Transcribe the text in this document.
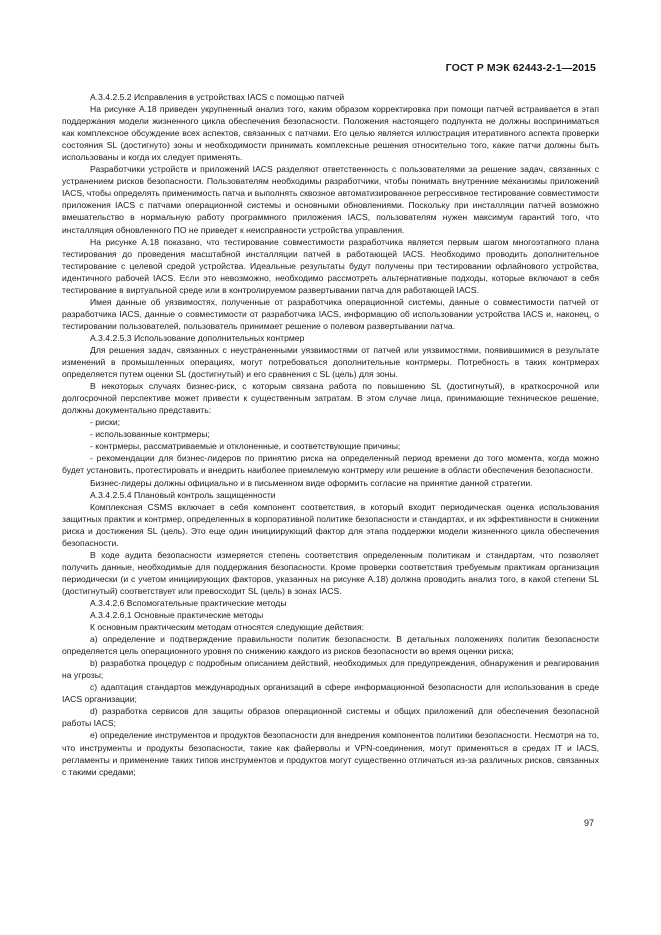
ГОСТ Р МЭК 62443-2-1—2015

А.3.4.2.5.2 Исправления в устройствах IACS с помощью патчей

На рисунке А.18 приведен укрупненный анализ того, каким образом корректировка при помощи патчей встраивается в этап поддержания модели жизненного цикла обеспечения безопасности. Положения настоящего подпункта не должны восприниматься как комплексное обсуждение всех аспектов, связанных с патчами. Его целью является иллюстрация итеративного аспекта проверки состояния SL (достигнуто) зоны и необходимости принимать комплексные решения относительно того, какие патчи должны быть использованы и когда их следует применять.

Разработчики устройств и приложений IACS разделяют ответственность с пользователями за решение задач, связанных с устранением рисков безопасности. Пользователям необходимы разработчики, чтобы понимать внутренние механизмы приложений IACS, чтобы определять применимость патча и выполнять сквозное автоматизированное регрессивное тестирование совместимости приложения IACS с патчами операционной системы и основными обновлениями. Поскольку при инсталляции патчей возможно вмешательство в нормальную работу программного приложения IACS, пользователям нужен максимум гарантий того, что инсталляция обновленного ПО не приведет к неисправности устройства управления.

На рисунке А.18 показано, что тестирование совместимости разработчика является первым шагом многоэтапного плана тестирования до проведения масштабной инсталляции патчей в работающей IACS. Необходимо проводить дополнительное тестирование с целевой средой устройства. Идеальные результаты будут получены при тестировании офлайнового устройства, идентичного рабочей IACS. Если это невозможно, необходимо рассмотреть альтернативные подходы, которые включают в себя тестирование в виртуальной среде или в контролируемом развертывании патча для работающей IACS.

Имея данные об уязвимостях, полученные от разработчика операционной системы, данные о совместимости патчей от разработчика IACS, данные о совместимости от разработчика IACS, информацию об использовании устройства IACS и, наконец, о тестировании пользователей, пользователь принимает решение о полевом развертывании патча.

А.3.4.2.5.3 Использование дополнительных контрмер

Для решения задач, связанных с неустраненными уязвимостями от патчей или уязвимостями, появившимися в результате изменений в промышленных операциях, могут потребоваться дополнительные контрмеры. Потребность в таких контрмерах определяется путем оценки SL (достигнутый) и его сравнения с SL (цель) для зоны.

В некоторых случаях бизнес-риск, с которым связана работа по повышению SL (достигнутый), в краткосрочной или долгосрочной перспективе может привести к существенным затратам. В этом случае лица, принимающие техническое решение, должны документально представить:

- риски;

- использованные контрмеры;

- контрмеры, рассматриваемые и отклоненные, и соответствующие причины;

- рекомендации для бизнес-лидеров по принятию риска на определенный период времени до того момента, когда можно будет установить, протестировать и внедрить наиболее приемлемую контрмеру или решение в области обеспечения безопасности.

Бизнес-лидеры должны официально и в письменном виде оформить согласие на принятие данной стратегии.

А.3.4.2.5.4 Плановый контроль защищенности

Комплексная CSMS включает в себя компонент соответствия, в который входит периодическая оценка использования защитных практик и контрмер, определенных в корпоративной политике безопасности и стандартах, и их эффективности в снижении риска и достижения SL (цель). Это еще один инициирующий фактор для этапа поддержки модели жизненного цикла обеспечения безопасности.

В ходе аудита безопасности измеряется степень соответствия определенным политикам и стандартам, что позволяет получить данные, необходимые для поддержания безопасности. Кроме проверки соответствия требуемым практикам организация периодически (и с учетом инициирующих факторов, указанных на рисунке А.18) должна проводить анализ того, в какой степени SL (достигнутый) соответствует или превосходит SL (цель) в зонах IACS.

А.3.4.2.6 Вспомогательные практические методы

А.3.4.2.6.1 Основные практические методы

К основным практическим методам относятся следующие действия:

a) определение и подтверждение правильности политик безопасности. В детальных положениях политик безопасности определяется цель операционного уровня по снижению каждого из рисков безопасности во время оценки риска;

b) разработка процедур с подробным описанием действий, необходимых для предупреждения, обнаружения и реагирования на угрозы;

c) адаптация стандартов международных организаций в сфере информационной безопасности для использования в среде IACS организации;

d) разработка сервисов для защиты образов операционной системы и общих приложений для обеспечения безопасной работы IACS;

e) определение инструментов и продуктов безопасности для внедрения компонентов политики безопасности. Несмотря на то, что инструменты и продукты безопасности, такие как файерволы и VPN-соединения, могут применяться в средах IT и IACS, регламенты и применение таких типов инструментов и продуктов могут существенно отличаться из-за различных рисков, связанных с такими средами;

97
